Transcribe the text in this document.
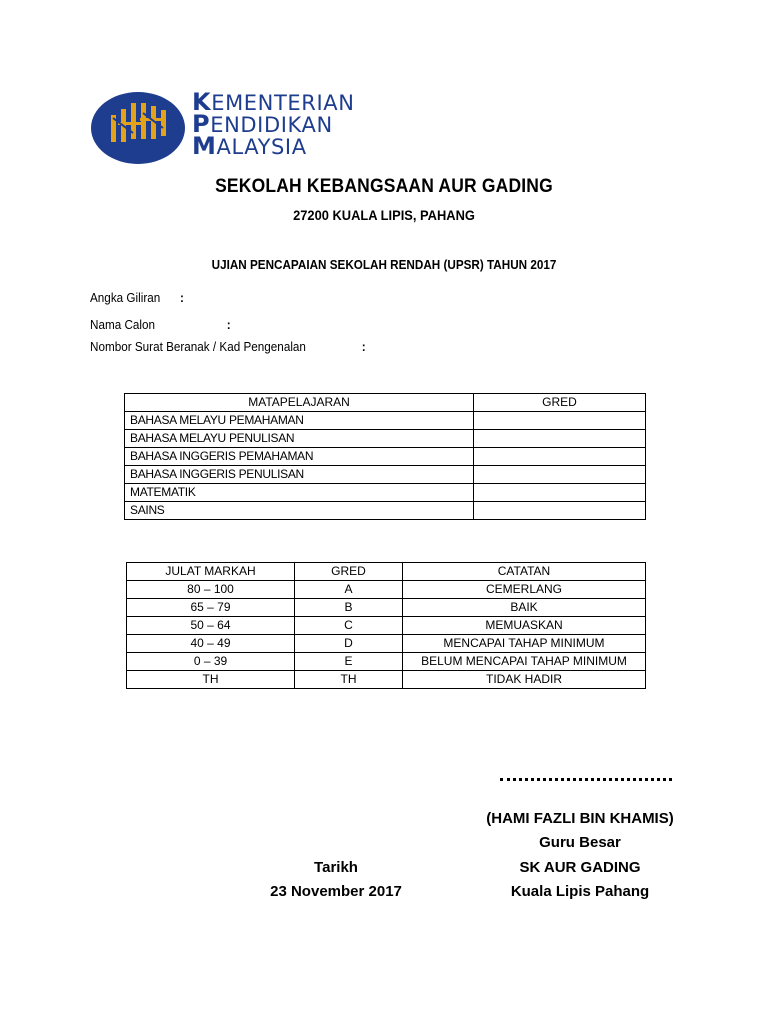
KEMENTERIAN
PENDIDIKAN
MALAYSIA
SEKOLAH KEBANGSAAN AUR GADING
27200 KUALA LIPIS, PAHANG
UJIAN PENCAPAIAN SEKOLAH RENDAH (UPSR) TAHUN 2017
Angka Giliran :
Nama Calon	:
Nombor Surat Beranak / Kad Pengenalan	:
MATAPELAJARAN	GRED
BAHASA MELAYU PEMAHAMAN	
BAHASA MELAYU PENULISAN	
BAHASA INGGERIS PEMAHAMAN	
BAHASA INGGERIS PENULISAN	
MATEMATIK	
SAINS	
JULAT MARKAH	GRED	CATATAN
80 – 100	A	CEMERLANG
65 – 79	B	BAIK
50 – 64	C	MEMUASKAN
40 – 49	D	MENCAPAI TAHAP MINIMUM
0 – 39	E	BELUM MENCAPAI TAHAP MINIMUM
TH	TH	TIDAK HADIR
(HAMI FAZLI BIN KHAMIS)
Guru Besar
SK AUR GADING
Kuala Lipis Pahang
Tarikh
23 November 2017
